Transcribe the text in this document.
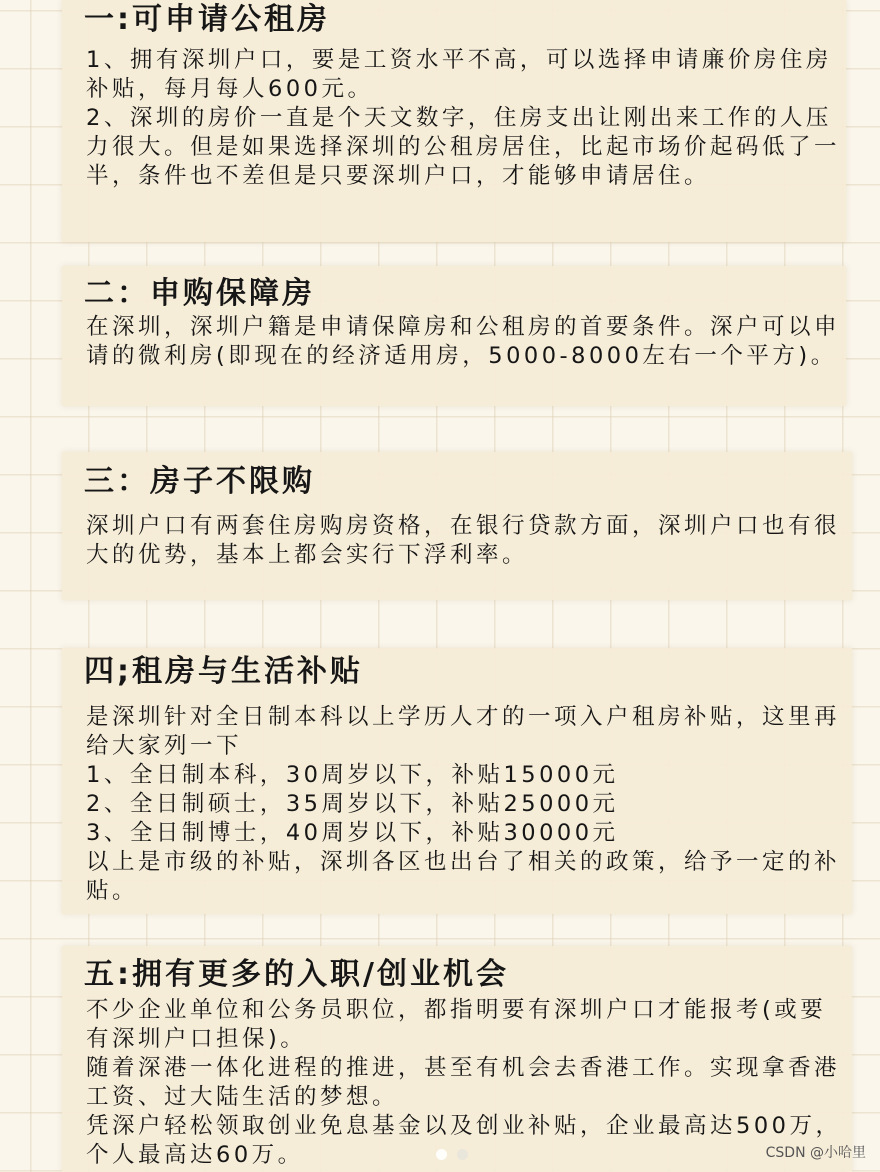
一:可申请公租房

1、拥有深圳户口，要是工资水平不高，可以选择申请廉价房住房补贴，每月每人600元。

2、深圳的房价一直是个天文数字，住房支出让刚出来工作的人压力很大。但是如果选择深圳的公租房居住，比起市场价起码低了一半，条件也不差但是只要深圳户口，才能够申请居住。

二：申购保障房

在深圳，深圳户籍是申请保障房和公租房的首要条件。深户可以申请的微利房(即现在的经济适用房，5000-8000左右一个平方)。

三：房子不限购

深圳户口有两套住房购房资格，在银行贷款方面，深圳户口也有很大的优势，基本上都会实行下浮利率。

四;租房与生活补贴

是深圳针对全日制本科以上学历人才的一项入户租房补贴，这里再给大家列一下

1、全日制本科，30周岁以下，补贴15000元

2、全日制硕士，35周岁以下，补贴25000元

3、全日制博士，40周岁以下，补贴30000元

以上是市级的补贴，深圳各区也出台了相关的政策，给予一定的补贴。

五:拥有更多的入职/创业机会

不少企业单位和公务员职位，都指明要有深圳户口才能报考(或要有深圳户口担保)。

随着深港一体化进程的推进，甚至有机会去香港工作。实现拿香港工资、过大陆生活的梦想。

凭深户轻松领取创业免息基金以及创业补贴，企业最高达500万，个人最高达60万。	CSDN @小哈里
